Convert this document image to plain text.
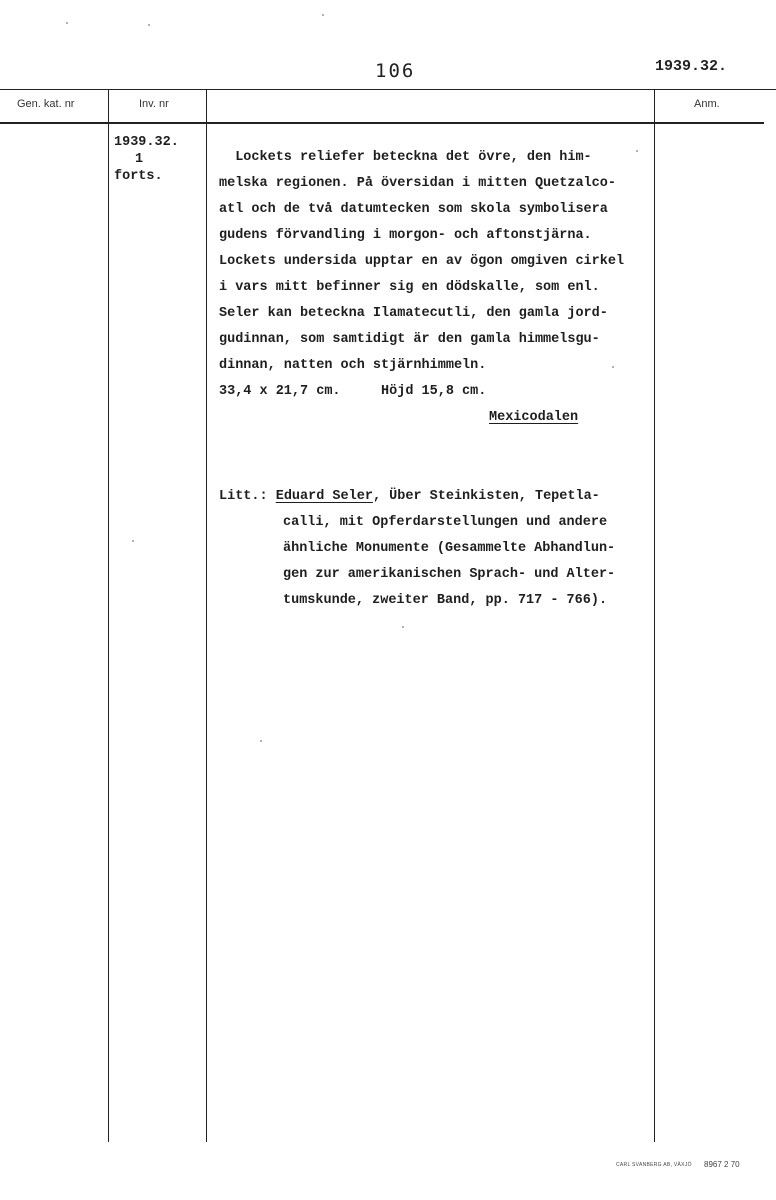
106	1939.32.
Gen. kat. nr	Inv. nr	Anm.
1939.32.
1
forts.
Lockets reliefer beteckna det övre, den him-
melska regionen. På översidan i mitten Quetzalco-
atl och de två datumtecken som skola symbolisera
gudens förvandling i morgon- och aftonstjärna.
Lockets undersida upptar en av ögon omgiven cirkel
i vars mitt befinner sig en dödskalle, som enl.
Seler kan beteckna Ilamatecutli, den gamla jord-
gudinnan, som samtidigt är den gamla himmelsgu-
dinnan, natten och stjärnhimmeln.
33,4 x 21,7 cm.	Höjd 15,8 cm.
Mexicodalen
Litt.: Eduard Seler, Über Steinkisten, Tepetla-
calli, mit Opferdarstellungen und andere
ähnliche Monumente (Gesammelte Abhandlun-
gen zur amerikanischen Sprach- und Alter-
tumskunde, zweiter Band, pp. 717 - 766).
CARL SVANBERG AB, VÄXJÖ 8967 2 70
